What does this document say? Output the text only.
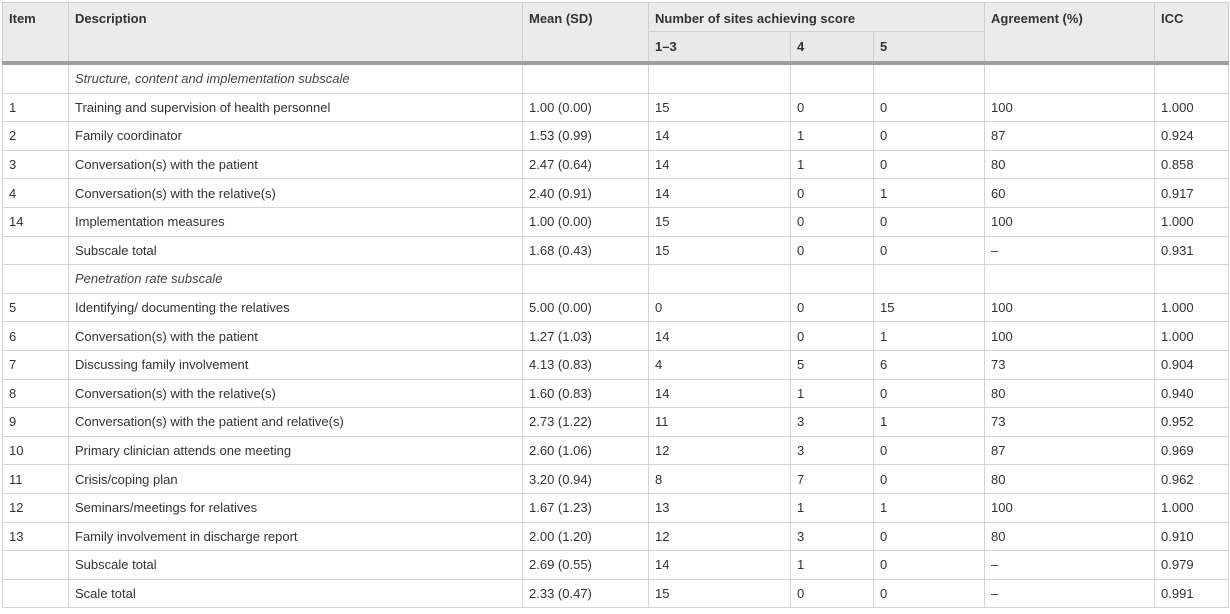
Item	Description	Mean (SD)	Number of sites achieving score			Agreement (%)	ICC
			1–3	4	5		
	Structure, content and implementation subscale						
1	Training and supervision of health personnel	1.00 (0.00)	15	0	0	100	1.000
2	Family coordinator	1.53 (0.99)	14	1	0	87	0.924
3	Conversation(s) with the patient	2.47 (0.64)	14	1	0	80	0.858
4	Conversation(s) with the relative(s)	2.40 (0.91)	14	0	1	60	0.917
14	Implementation measures	1.00 (0.00)	15	0	0	100	1.000
	Subscale total	1.68 (0.43)	15	0	0	–	0.931
	Penetration rate subscale						
5	Identifying/ documenting the relatives	5.00 (0.00)	0	0	15	100	1.000
6	Conversation(s) with the patient	1.27 (1.03)	14	0	1	100	1.000
7	Discussing family involvement	4.13 (0.83)	4	5	6	73	0.904
8	Conversation(s) with the relative(s)	1.60 (0.83)	14	1	0	80	0.940
9	Conversation(s) with the patient and relative(s)	2.73 (1.22)	11	3	1	73	0.952
10	Primary clinician attends one meeting	2.60 (1.06)	12	3	0	87	0.969
11	Crisis/coping plan	3.20 (0.94)	8	7	0	80	0.962
12	Seminars/meetings for relatives	1.67 (1.23)	13	1	1	100	1.000
13	Family involvement in discharge report	2.00 (1.20)	12	3	0	80	0.910
	Subscale total	2.69 (0.55)	14	1	0	–	0.979
	Scale total	2.33 (0.47)	15	0	0	–	0.991
